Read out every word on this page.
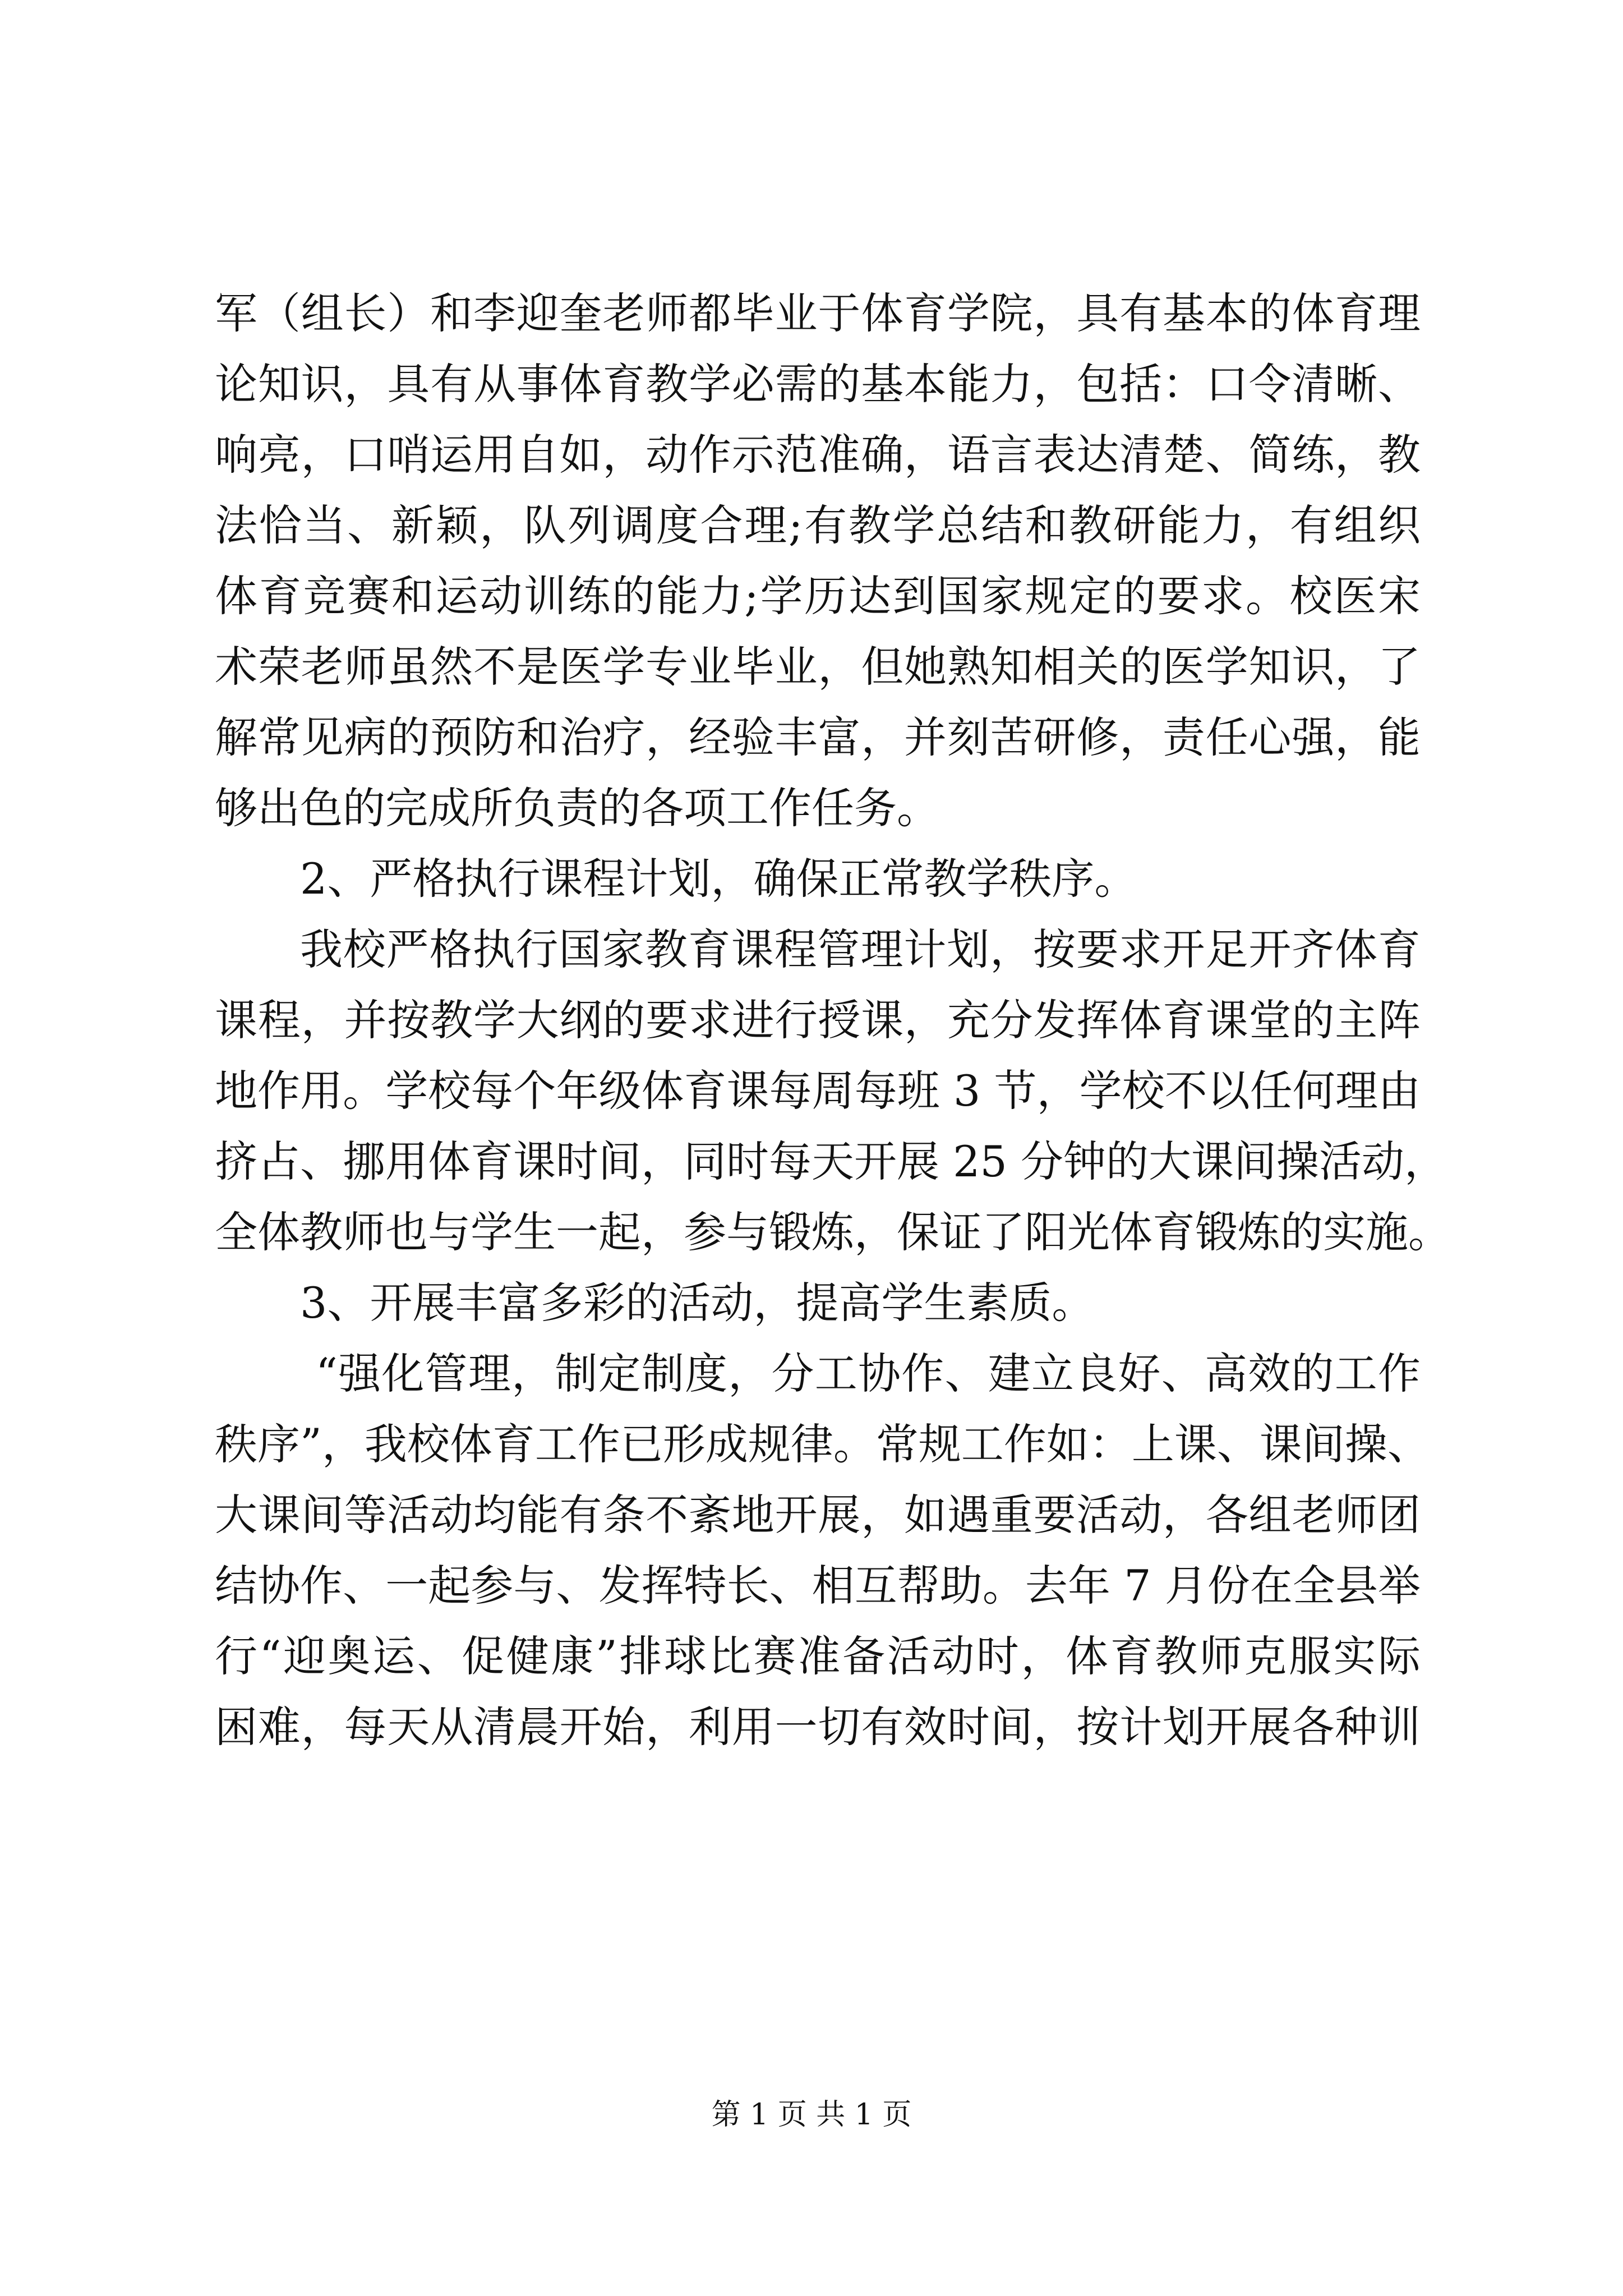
军（组长）和李迎奎老师都毕业于体育学院，具有基本的体育理
论知识，具有从事体育教学必需的基本能力，包括：口令清晰、
响亮，口哨运用自如，动作示范准确，语言表达清楚、简练，教
法恰当、新颖，队列调度合理;有教学总结和教研能力，有组织
体育竞赛和运动训练的能力;学历达到国家规定的要求。校医宋
术荣老师虽然不是医学专业毕业，但她熟知相关的医学知识，了
解常见病的预防和治疗，经验丰富，并刻苦研修，责任心强，能
够出色的完成所负责的各项工作任务。
2、严格执行课程计划，确保正常教学秩序。
我校严格执行国家教育课程管理计划，按要求开足开齐体育
课程，并按教学大纲的要求进行授课，充分发挥体育课堂的主阵
地作用。学校每个年级体育课每周每班 3 节，学校不以任何理由
挤占、挪用体育课时间，同时每天开展 25 分钟的大课间操活动，
全体教师也与学生一起，参与锻炼，保证了阳光体育锻炼的实施。
3、开展丰富多彩的活动，提高学生素质。
“强化管理，制定制度，分工协作、建立良好、高效的工作
秩序”，我校体育工作已形成规律。常规工作如：上课、课间操、
大课间等活动均能有条不紊地开展，如遇重要活动，各组老师团
结协作、一起参与、发挥特长、相互帮助。去年 7 月份在全县举
行“迎奥运、促健康”排球比赛准备活动时，体育教师克服实际
困难，每天从清晨开始，利用一切有效时间，按计划开展各种训
第 1 页 共 1 页
